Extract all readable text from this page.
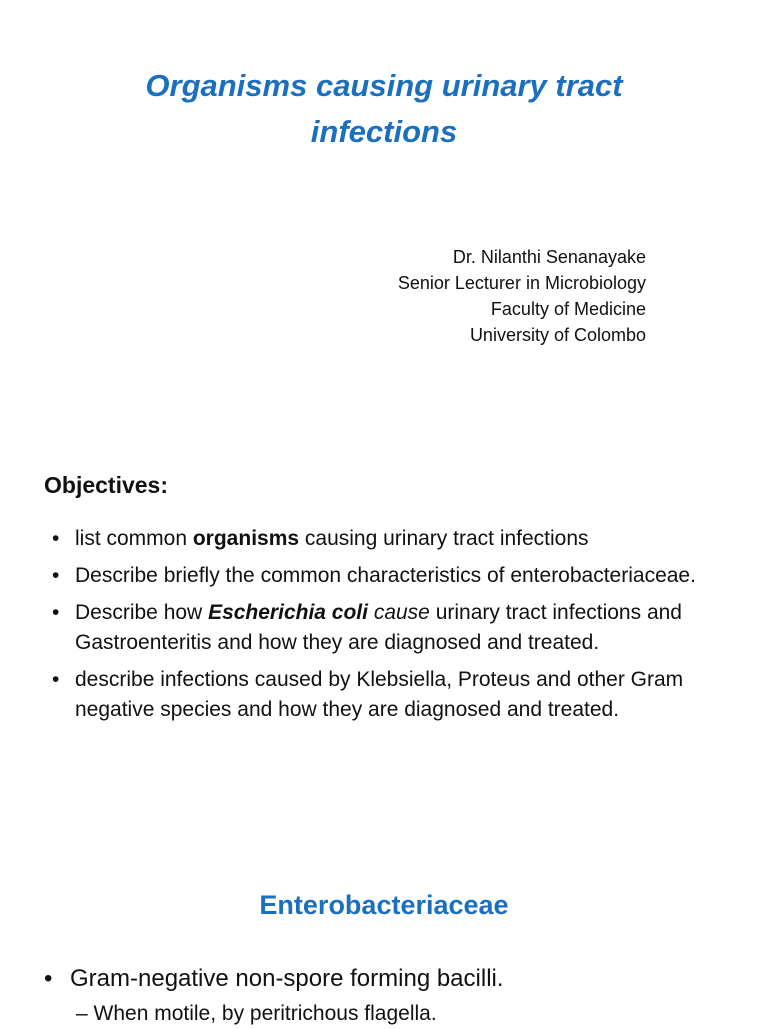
Organisms causing urinary tract
infections
Dr. Nilanthi Senanayake
Senior Lecturer in Microbiology
Faculty of Medicine
University of Colombo
Objectives:
• list common organisms causing urinary tract infections
• Describe briefly the common characteristics of enterobacteriaceae.
• Describe how Escherichia coli cause urinary tract infections and Gastroenteritis and how they are diagnosed and treated.
• describe infections caused by Klebsiella, Proteus and other Gram negative species and how they are diagnosed and treated.
Enterobacteriaceae
• Gram-negative non-spore forming bacilli.
– When motile, by peritrichous flagella.
